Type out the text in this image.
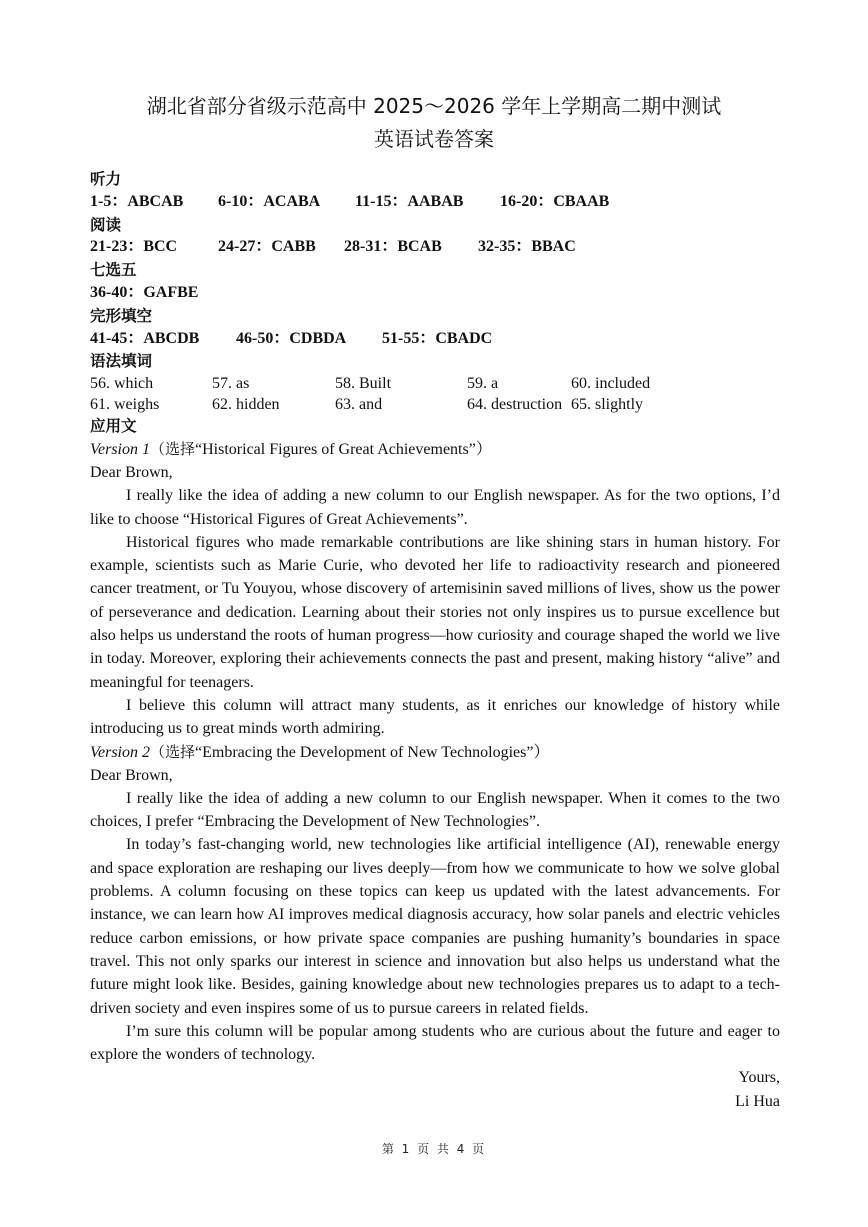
湖北省部分省级示范高中 2025～2026 学年上学期高二期中测试
英语试卷答案
听力
1-5：ABCAB 6-10：ACABA 11-15：AABAB 16-20：CBAAB
阅读
21-23：BCC	24-27：CABB 28-31：BCAB 32-35：BBAC
七选五
36-40：GAFBE
完形填空
41-45：ABCDB 46-50：CDBDA 51-55：CBADC
语法填词
56. which	57. as	58. Built	59. a	60. included
61. weighs	62. hidden	63. and	64. destruction 65. slightly
应用文
Version 1（选择“Historical Figures of Great Achievements”）

Dear Brown,

I really like the idea of adding a new column to our English newspaper. As for the two options, I’d like to choose “Historical Figures of Great Achievements”.

Historical figures who made remarkable contributions are like shining stars in human history. For example, scientists such as Marie Curie, who devoted her life to radioactivity research and pioneered cancer treatment, or Tu Youyou, whose discovery of artemisinin saved millions of lives, show us the power of perseverance and dedication. Learning about their stories not only inspires us to pursue excellence but also helps us understand the roots of human progress—how curiosity and courage shaped the world we live in today. Moreover, exploring their achievements connects the past and present, making history “alive” and meaningful for teenagers.

I believe this column will attract many students, as it enriches our knowledge of history while introducing us to great minds worth admiring.

Version 2（选择“Embracing the Development of New Technologies”）

Dear Brown,

I really like the idea of adding a new column to our English newspaper. When it comes to the two choices, I prefer “Embracing the Development of New Technologies”.

In today’s fast-changing world, new technologies like artificial intelligence (AI), renewable energy and space exploration are reshaping our lives deeply—from how we communicate to how we solve global problems. A column focusing on these topics can keep us updated with the latest advancements. For instance, we can learn how AI improves medical diagnosis accuracy, how solar panels and electric vehicles reduce carbon emissions, or how private space companies are pushing humanity’s boundaries in space travel. This not only sparks our interest in science and innovation but also helps us understand what the future might look like. Besides, gaining knowledge about new technologies prepares us to adapt to a tech-driven society and even inspires some of us to pursue careers in related fields.

I’m sure this column will be popular among students who are curious about the future and eager to explore the wonders of technology.

Yours,

Li Hua

第 1 页 共 4 页
